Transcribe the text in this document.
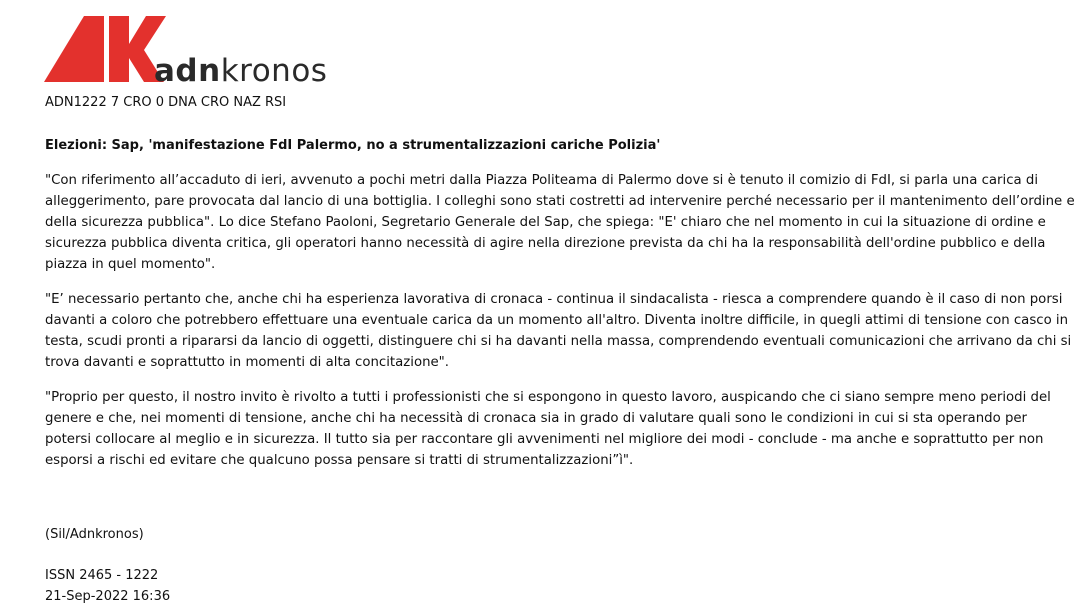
adnkronos
ADN1222 7 CRO 0 DNA CRO NAZ RSI
Elezioni: Sap, 'manifestazione FdI Palermo, no a strumentalizzazioni cariche Polizia'

"Con riferimento all’accaduto di ieri, avvenuto a pochi metri dalla Piazza Politeama di Palermo dove si è tenuto il comizio di FdI, si parla una carica di alleggerimento, pare provocata dal lancio di una bottiglia. I colleghi sono stati costretti ad intervenire perché necessario per il mantenimento dell’ordine e della sicurezza pubblica". Lo dice Stefano Paoloni, Segretario Generale del Sap, che spiega: "E' chiaro che nel momento in cui la situazione di ordine e sicurezza pubblica diventa critica, gli operatori hanno necessità di agire nella direzione prevista da chi ha la responsabilità dell'ordine pubblico e della piazza in quel momento".

"E’ necessario pertanto che, anche chi ha esperienza lavorativa di cronaca - continua il sindacalista - riesca a comprendere quando è il caso di non porsi davanti a coloro che potrebbero effettuare una eventuale carica da un momento all'altro. Diventa inoltre difficile, in quegli attimi di tensione con casco in testa, scudi pronti a ripararsi da lancio di oggetti, distinguere chi si ha davanti nella massa, comprendendo eventuali comunicazioni che arrivano da chi si trova davanti e soprattutto in momenti di alta concitazione".

"Proprio per questo, il nostro invito è rivolto a tutti i professionisti che si espongono in questo lavoro, auspicando che ci siano sempre meno periodi del genere e che, nei momenti di tensione, anche chi ha necessità di cronaca sia in grado di valutare quali sono le condizioni in cui si sta operando per potersi collocare al meglio e in sicurezza. Il tutto sia per raccontare gli avvenimenti nel migliore dei modi - conclude - ma anche e soprattutto per non esporsi a rischi ed evitare che qualcuno possa pensare si tratti di strumentalizzazioni”ì".

(Sil/Adnkronos)
ISSN 2465 - 1222
21-Sep-2022 16:36
